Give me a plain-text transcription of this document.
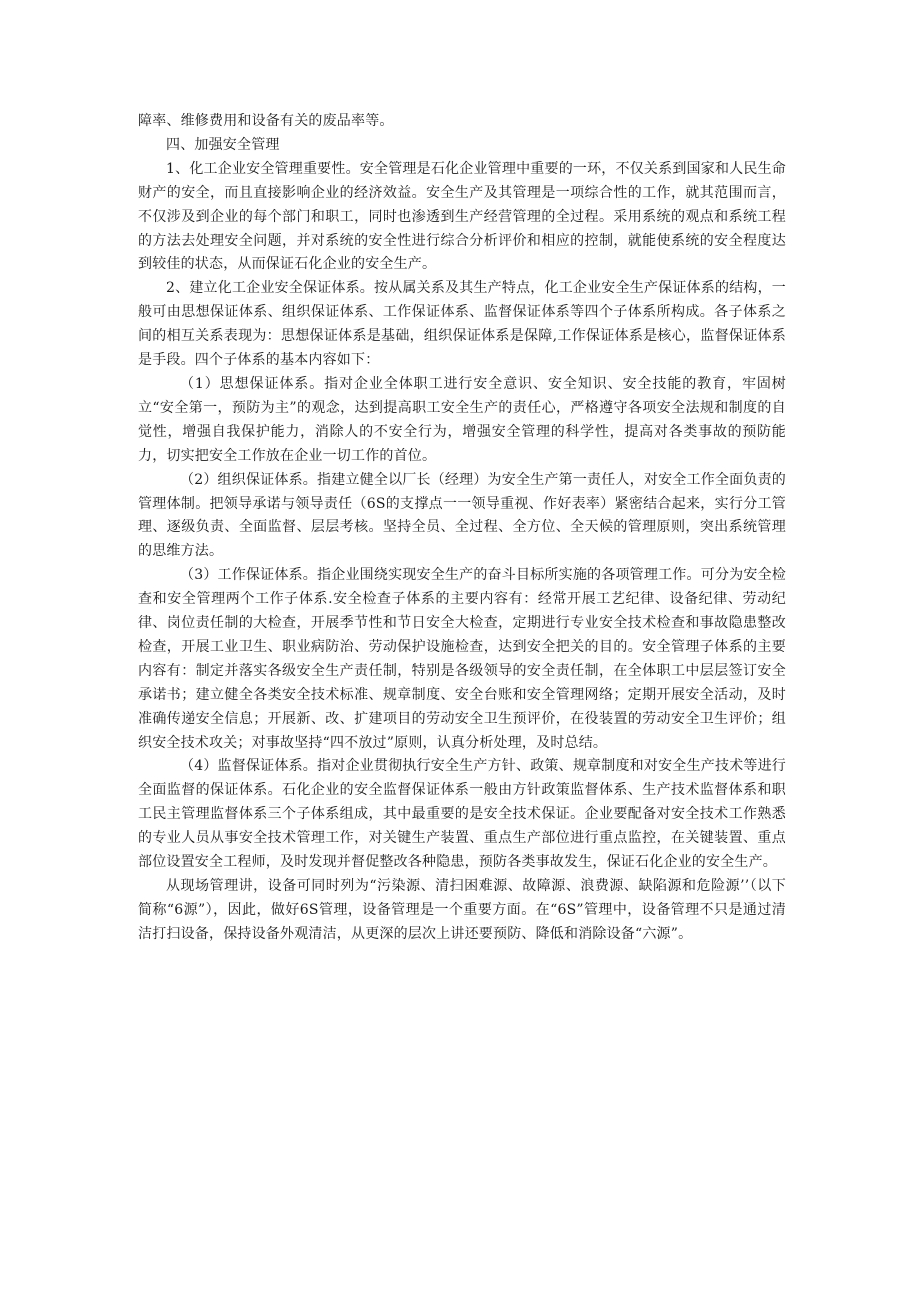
障率、维修费用和设备有关的废品率等。

四、加强安全管理

1、化工企业安全管理重要性。安全管理是石化企业管理中重要的一环，不仅关系到国家和人民生命财产的安全，而且直接影响企业的经济效益。安全生产及其管理是一项综合性的工作，就其范围而言，不仅涉及到企业的每个部门和职工，同时也渗透到生产经营管理的全过程。采用系统的观点和系统工程的方法去处理安全问题，并对系统的安全性进行综合分析评价和相应的控制，就能使系统的安全程度达到较佳的状态，从而保证石化企业的安全生产。

2、建立化工企业安全保证体系。按从属关系及其生产特点，化工企业安全生产保证体系的结构，一般可由思想保证体系、组织保证体系、工作保证体系、监督保证体系等四个子体系所构成。各子体系之间的相互关系表现为：思想保证体系是基础，组织保证体系是保障,工作保证体系是核心，监督保证体系是手段。四个子体系的基本内容如下：

（1）思想保证体系。指对企业全体职工进行安全意识、安全知识、安全技能的教育，牢固树立“安全第一，预防为主”的观念，达到提高职工安全生产的责任心，严格遵守各项安全法规和制度的自觉性，增强自我保护能力，消除人的不安全行为，增强安全管理的科学性，提高对各类事故的预防能力，切实把安全工作放在企业一切工作的首位。

（2）组织保证体系。指建立健全以厂长（经理）为安全生产第一责任人，对安全工作全面负责的管理体制。把领导承诺与领导责任（6S的支撑点一一领导重视、作好表率）紧密结合起来，实行分工管理、逐级负责、全面监督、层层考核。坚持全员、全过程、全方位、全天候的管理原则，突出系统管理的思维方法。

（3）工作保证体系。指企业围绕实现安全生产的奋斗目标所实施的各项管理工作。可分为安全检查和安全管理两个工作子体系.安全检查子体系的主要内容有：经常开展工艺纪律、设备纪律、劳动纪律、岗位责任制的大检查，开展季节性和节日安全大检查，定期进行专业安全技术检查和事故隐患整改检查，开展工业卫生、职业病防治、劳动保护设施检查，达到安全把关的目的。安全管理子体系的主要内容有：制定并落实各级安全生产责任制，特别是各级领导的安全责任制，在全体职工中层层签订安全承诺书；建立健全各类安全技术标准、规章制度、安全台账和安全管理网络；定期开展安全活动，及时准确传递安全信息；开展新、改、扩建项目的劳动安全卫生预评价，在役装置的劳动安全卫生评价；组织安全技术攻关；对事故坚持“四不放过”原则，认真分析处理，及时总结。

（4）监督保证体系。指对企业贯彻执行安全生产方针、政策、规章制度和对安全生产技术等进行全面监督的保证体系。石化企业的安全监督保证体系一般由方针政策监督体系、生产技术监督体系和职工民主管理监督体系三个子体系组成，其中最重要的是安全技术保证。企业要配备对安全技术工作熟悉的专业人员从事安全技术管理工作，对关键生产装置、重点生产部位进行重点监控，在关键装置、重点部位设置安全工程师，及时发现并督促整改各种隐患，预防各类事故发生，保证石化企业的安全生产。

从现场管理讲，设备可同时列为“污染源、清扫困难源、故障源、浪费源、缺陷源和危险源’’（以下简称“6源”），因此，做好6S管理，设备管理是一个重要方面。在“6S”管理中，设备管理不只是通过清洁打扫设备，保持设备外观清洁，从更深的层次上讲还要预防、降低和消除设备“六源”。
